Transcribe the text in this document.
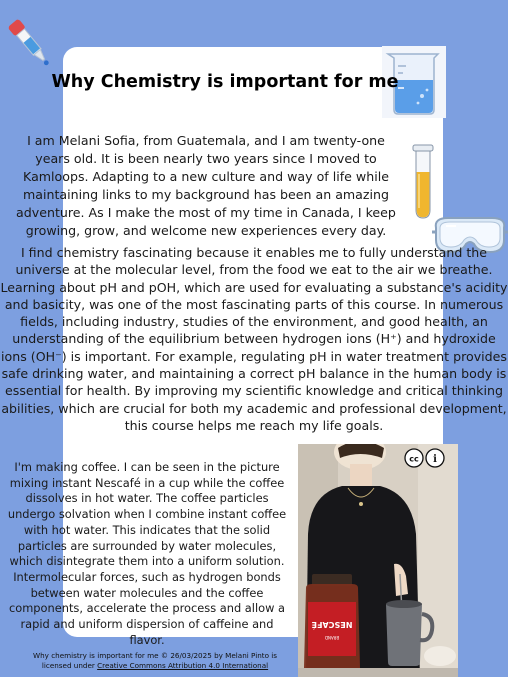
Why Chemistry is important for me

I am Melani Sofia, from Guatemala, and I am twenty-one years old. It is been nearly two years since I moved to Kamloops. Adapting to a new culture and way of life while maintaining links to my background has been an amazing adventure. As I make the most of my time in Canada, I keep growing, grow, and welcome new experiences every day.

I find chemistry fascinating because it enables me to fully understand the universe at the molecular level, from the food we eat to the air we breathe. Learning about pH and pOH, which are used for evaluating a substance's acidity and basicity, was one of the most fascinating parts of this course. In numerous fields, including industry, studies of the environment, and good health, an understanding of the equilibrium between hydrogen ions (H⁺) and hydroxide ions (OH⁻) is important. For example, regulating pH in water treatment provides safe drinking water, and maintaining a correct pH balance in the human body is essential for health. By improving my scientific knowledge and critical thinking abilities, which are crucial for both my academic and professional development, this course helps me reach my life goals.

I'm making coffee. I can be seen in the picture mixing instant Nescafé in a cup while the coffee dissolves in hot water. The coffee particles undergo solvation when I combine instant coffee with hot water. This indicates that the solid particles are surrounded by water molecules, which disintegrate them into a uniform solution. Intermolecular forces, such as hydrogen bonds between water molecules and the coffee components, accelerate the process and allow a rapid and uniform dispersion of caffeine and flavor.

NESCAFÉ
BRAND
cc i

Why chemistry is important for me © 26/03/2025 by Melani Pinto is licensed under Creative Commons Attribution 4.0 International
